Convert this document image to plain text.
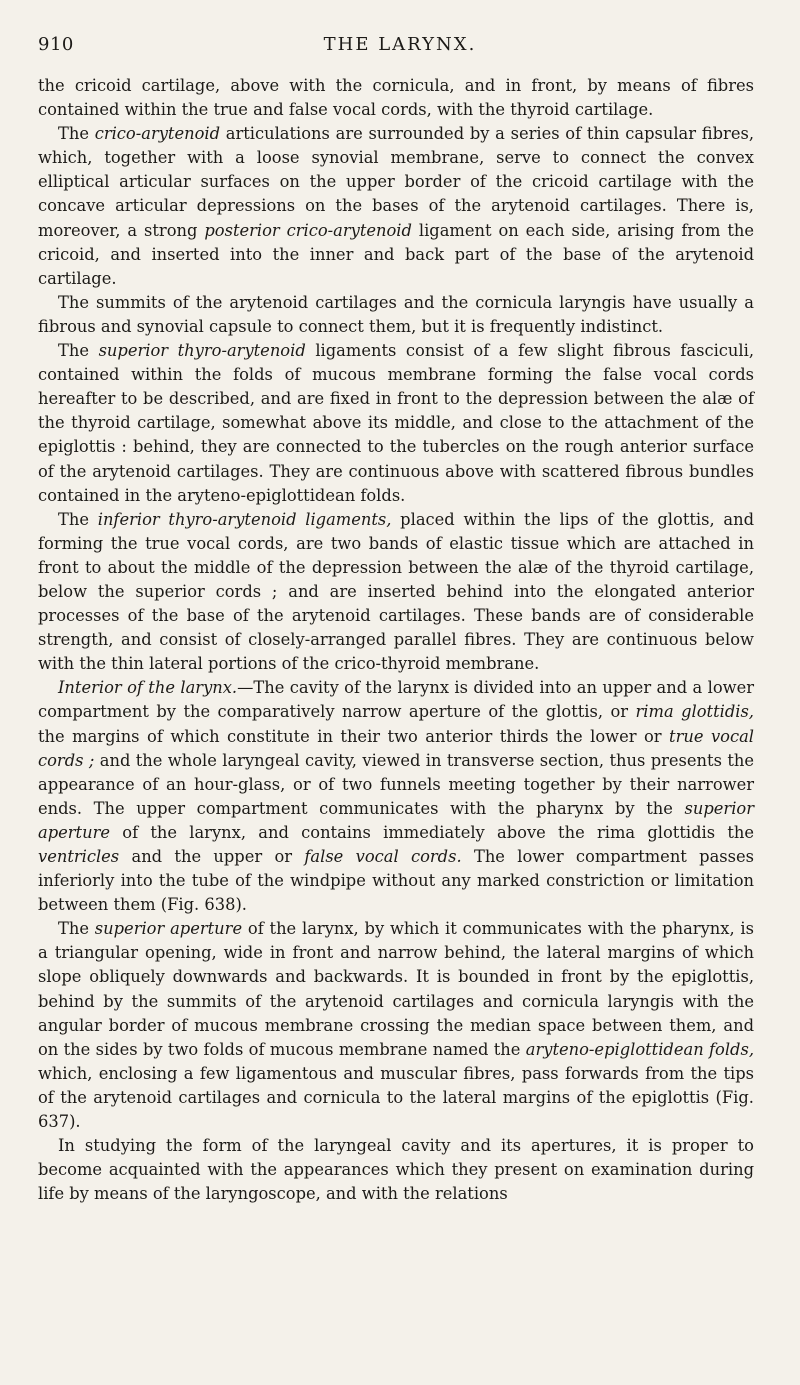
910	THE LARYNX.

the cricoid cartilage, above with the cornicula, and in front, by means of fibres contained within the true and false vocal cords, with the thyroid cartilage.

The crico-arytenoid articulations are surrounded by a series of thin capsular fibres, which, together with a loose synovial membrane, serve to connect the convex elliptical articular surfaces on the upper border of the cricoid cartilage with the concave articular depressions on the bases of the arytenoid cartilages. There is, moreover, a strong posterior crico-arytenoid ligament on each side, arising from the cricoid, and inserted into the inner and back part of the base of the arytenoid cartilage.

The summits of the arytenoid cartilages and the cornicula laryngis have usually a fibrous and synovial capsule to connect them, but it is frequently indistinct.

The superior thyro-arytenoid ligaments consist of a few slight fibrous fasciculi, contained within the folds of mucous membrane forming the false vocal cords hereafter to be described, and are fixed in front to the depression between the alæ of the thyroid cartilage, somewhat above its middle, and close to the attachment of the epiglottis : behind, they are connected to the tubercles on the rough anterior surface of the arytenoid cartilages. They are continuous above with scattered fibrous bundles contained in the aryteno-epiglottidean folds.

The inferior thyro-arytenoid ligaments, placed within the lips of the glottis, and forming the true vocal cords, are two bands of elastic tissue which are attached in front to about the middle of the depression between the alæ of the thyroid cartilage, below the superior cords ; and are inserted behind into the elongated anterior processes of the base of the arytenoid cartilages. These bands are of considerable strength, and consist of closely-arranged parallel fibres. They are continuous below with the thin lateral portions of the crico-thyroid membrane.

Interior of the larynx.—The cavity of the larynx is divided into an upper and a lower compartment by the comparatively narrow aperture of the glottis, or rima glottidis, the margins of which constitute in their two anterior thirds the lower or true vocal cords ; and the whole laryngeal cavity, viewed in transverse section, thus presents the appearance of an hour-glass, or of two funnels meeting together by their narrower ends. The upper compartment communicates with the pharynx by the superior aperture of the larynx, and contains immediately above the rima glottidis the ventricles and the upper or false vocal cords. The lower compartment passes inferiorly into the tube of the windpipe without any marked constriction or limitation between them (Fig. 638).

The superior aperture of the larynx, by which it communicates with the pharynx, is a triangular opening, wide in front and narrow behind, the lateral margins of which slope obliquely downwards and backwards. It is bounded in front by the epiglottis, behind by the summits of the arytenoid cartilages and cornicula laryngis with the angular border of mucous membrane crossing the median space between them, and on the sides by two folds of mucous membrane named the aryteno-epiglottidean folds, which, enclosing a few ligamentous and muscular fibres, pass forwards from the tips of the arytenoid cartilages and cornicula to the lateral margins of the epiglottis (Fig. 637).

In studying the form of the laryngeal cavity and its apertures, it is proper to become acquainted with the appearances which they present on examination during life by means of the laryngoscope, and with the relations
